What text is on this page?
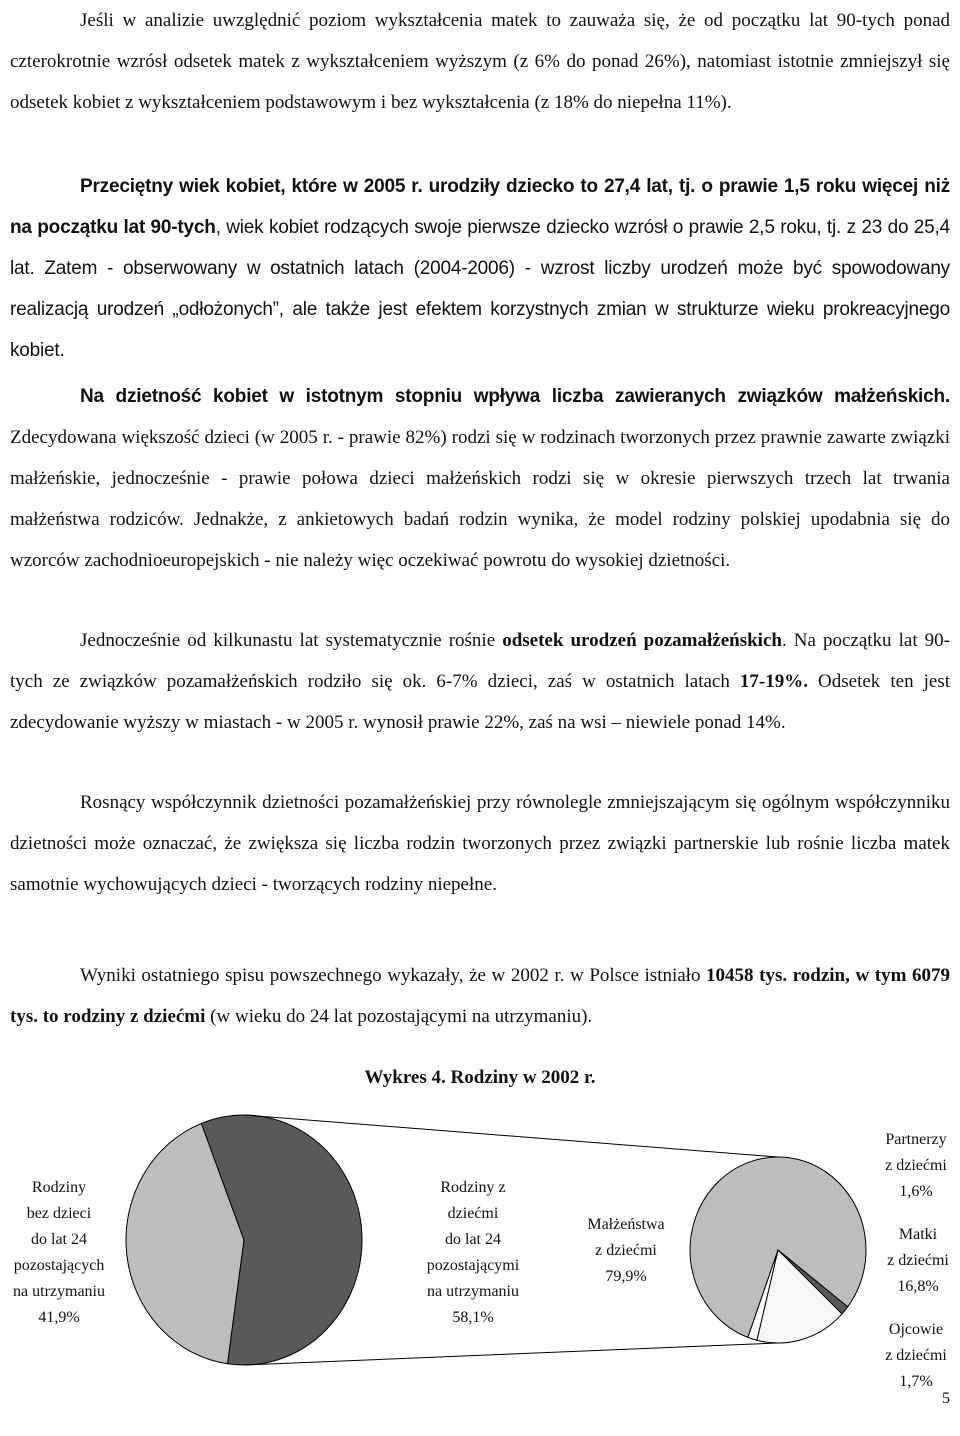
Jeśli w analizie uwzględnić poziom wykształcenia matek to zauważa się, że od początku lat 90-tych ponad czterokrotnie wzrósł odsetek matek z wykształceniem wyższym (z 6% do ponad 26%), natomiast istotnie zmniejszył się odsetek kobiet z wykształceniem podstawowym i bez wykształcenia (z 18% do niepełna 11%).

Przeciętny wiek kobiet, które w 2005 r. urodziły dziecko to 27,4 lat, tj. o prawie 1,5 roku więcej niż na początku lat 90-tych, wiek kobiet rodzących swoje pierwsze dziecko wzrósł o prawie 2,5 roku, tj. z 23 do 25,4 lat. Zatem - obserwowany w ostatnich latach (2004-2006) - wzrost liczby urodzeń może być spowodowany realizacją urodzeń „odłożonych”, ale także jest efektem korzystnych zmian w strukturze wieku prokreacyjnego kobiet.

Na dzietność kobiet w istotnym stopniu wpływa liczba zawieranych związków małżeńskich. Zdecydowana większość dzieci (w 2005 r. - prawie 82%) rodzi się w rodzinach tworzonych przez prawnie zawarte związki małżeńskie, jednocześnie - prawie połowa dzieci małżeńskich rodzi się w okresie pierwszych trzech lat trwania małżeństwa rodziców. Jednakże, z ankietowych badań rodzin wynika, że model rodziny polskiej upodabnia się do wzorców zachodnioeuropejskich - nie należy więc oczekiwać powrotu do wysokiej dzietności.

Jednocześnie od kilkunastu lat systematycznie rośnie odsetek urodzeń pozamałżeńskich. Na początku lat 90-tych ze związków pozamałżeńskich rodziło się ok. 6-7% dzieci, zaś w ostatnich latach 17-19%. Odsetek ten jest zdecydowanie wyższy w miastach - w 2005 r. wynosił prawie 22%, zaś na wsi – niewiele ponad 14%.

Rosnący współczynnik dzietności pozamałżeńskiej przy równolegle zmniejszającym się ogólnym współczynniku dzietności może oznaczać, że zwiększa się liczba rodzin tworzonych przez związki partnerskie lub rośnie liczba matek samotnie wychowujących dzieci - tworzących rodziny niepełne.

Wyniki ostatniego spisu powszechnego wykazały, że w 2002 r. w Polsce istniało 10458 tys. rodzin, w tym 6079 tys. to rodziny z dziećmi (w wieku do 24 lat pozostającymi na utrzymaniu).

Wykres 4. Rodziny w 2002 r.
Rodziny
bez dzieci
do lat 24
pozostających
na utrzymaniu
41,9%
Rodziny z
dziećmi
do lat 24
pozostającymi
na utrzymaniu
58,1%
Małżeństwa
z dziećmi
79,9%
Partnerzy
z dziećmi
1,6%
Matki
z dziećmi
16,8%
Ojcowie
z dziećmi
1,7%
5
